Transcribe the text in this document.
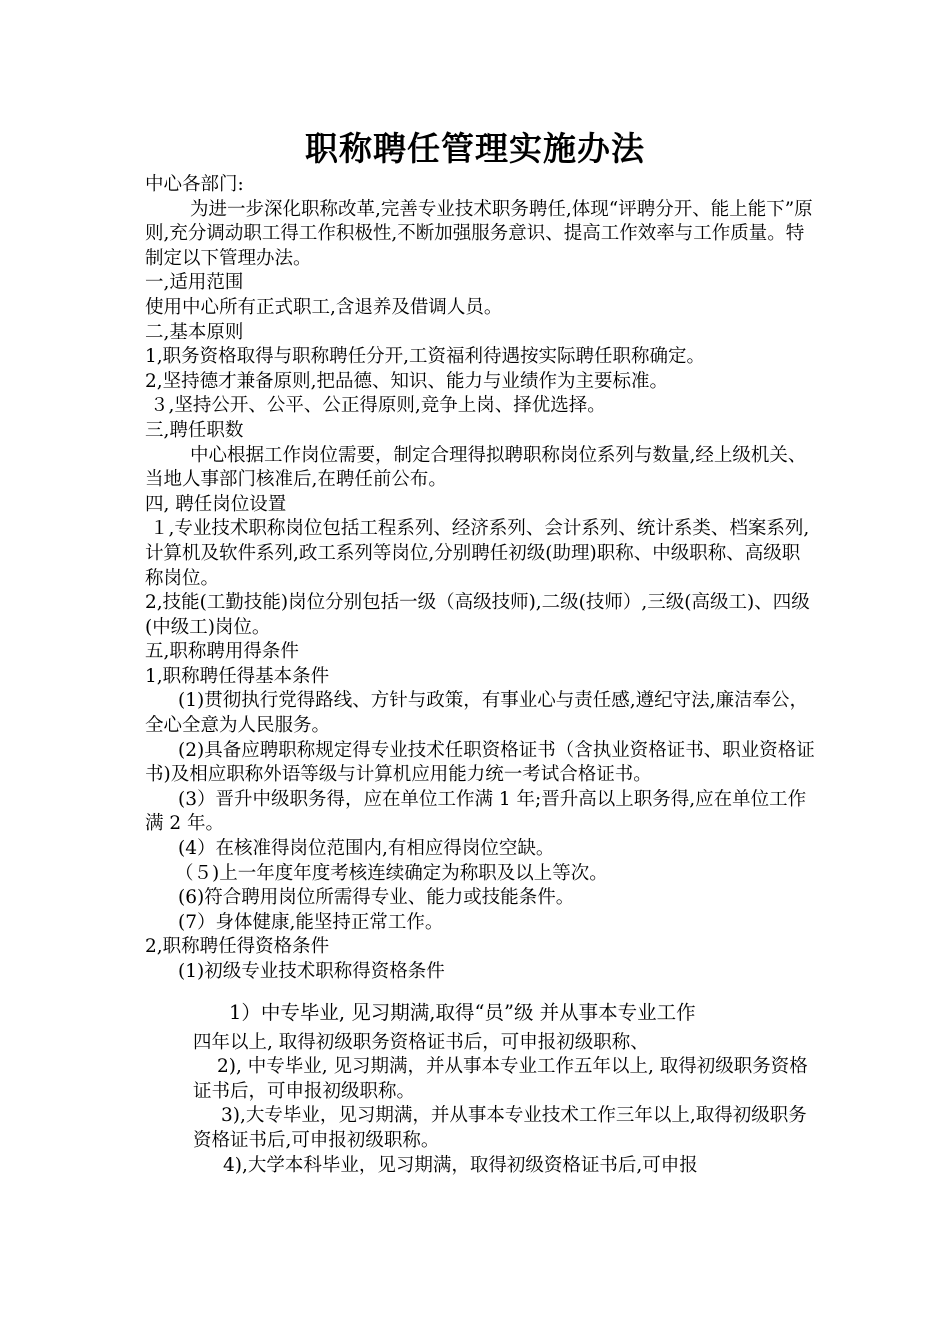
职称聘任管理实施办法

中心各部门:

为进一步深化职称改革,完善专业技术职务聘任,体现“评聘分开、能上能下”原则,充分调动职工得工作积极性,不断加强服务意识、提高工作效率与工作质量。特制定以下管理办法。

一,适用范围

使用中心所有正式职工,含退养及借调人员。

二,基本原则

1,职务资格取得与职称聘任分开,工资福利待遇按实际聘任职称确定。

2,坚持德才兼备原则,把品德、知识、能力与业绩作为主要标准。

３,坚持公开、公平、公正得原则,竞争上岗、择优选择。

三,聘任职数

中心根据工作岗位需要，制定合理得拟聘职称岗位系列与数量,经上级机关、当地人事部门核准后,在聘任前公布。

四, 聘任岗位设置

１,专业技术职称岗位包括工程系列、经济系列、会计系列、统计系类、档案系列,计算机及软件系列,政工系列等岗位,分别聘任初级(助理)职称、中级职称、高级职称岗位。

2,技能(工勤技能)岗位分别包括一级（高级技师),二级(技师）,三级(高级工)、四级(中级工)岗位。

五,职称聘用得条件

1,职称聘任得基本条件

(1)贯彻执行党得路线、方针与政策，有事业心与责任感,遵纪守法,廉洁奉公，全心全意为人民服务。

(2)具备应聘职称规定得专业技术任职资格证书（含执业资格证书、职业资格证书)及相应职称外语等级与计算机应用能力统一考试合格证书。

(3）晋升中级职务得，应在单位工作满 1 年;晋升高以上职务得,应在单位工作满 2 年。

(4）在核准得岗位范围内,有相应得岗位空缺。

（５)上一年度年度考核连续确定为称职及以上等次。

(6)符合聘用岗位所需得专业、能力或技能条件。

(7）身体健康,能坚持正常工作。

2,职称聘任得资格条件

(1)初级专业技术职称得资格条件

1）中专毕业, 见习期满,取得“员”级 并从事本专业工作

四年以上, 取得初级职务资格证书后，可申报初级职称、

2), 中专毕业, 见习期满，并从事本专业工作五年以上, 取得初级职务资格证书后，可申报初级职称。

3),大专毕业，见习期满，并从事本专业技术工作三年以上,取得初级职务资格证书后,可申报初级职称。

4),大学本科毕业，见习期满，取得初级资格证书后,可申报
